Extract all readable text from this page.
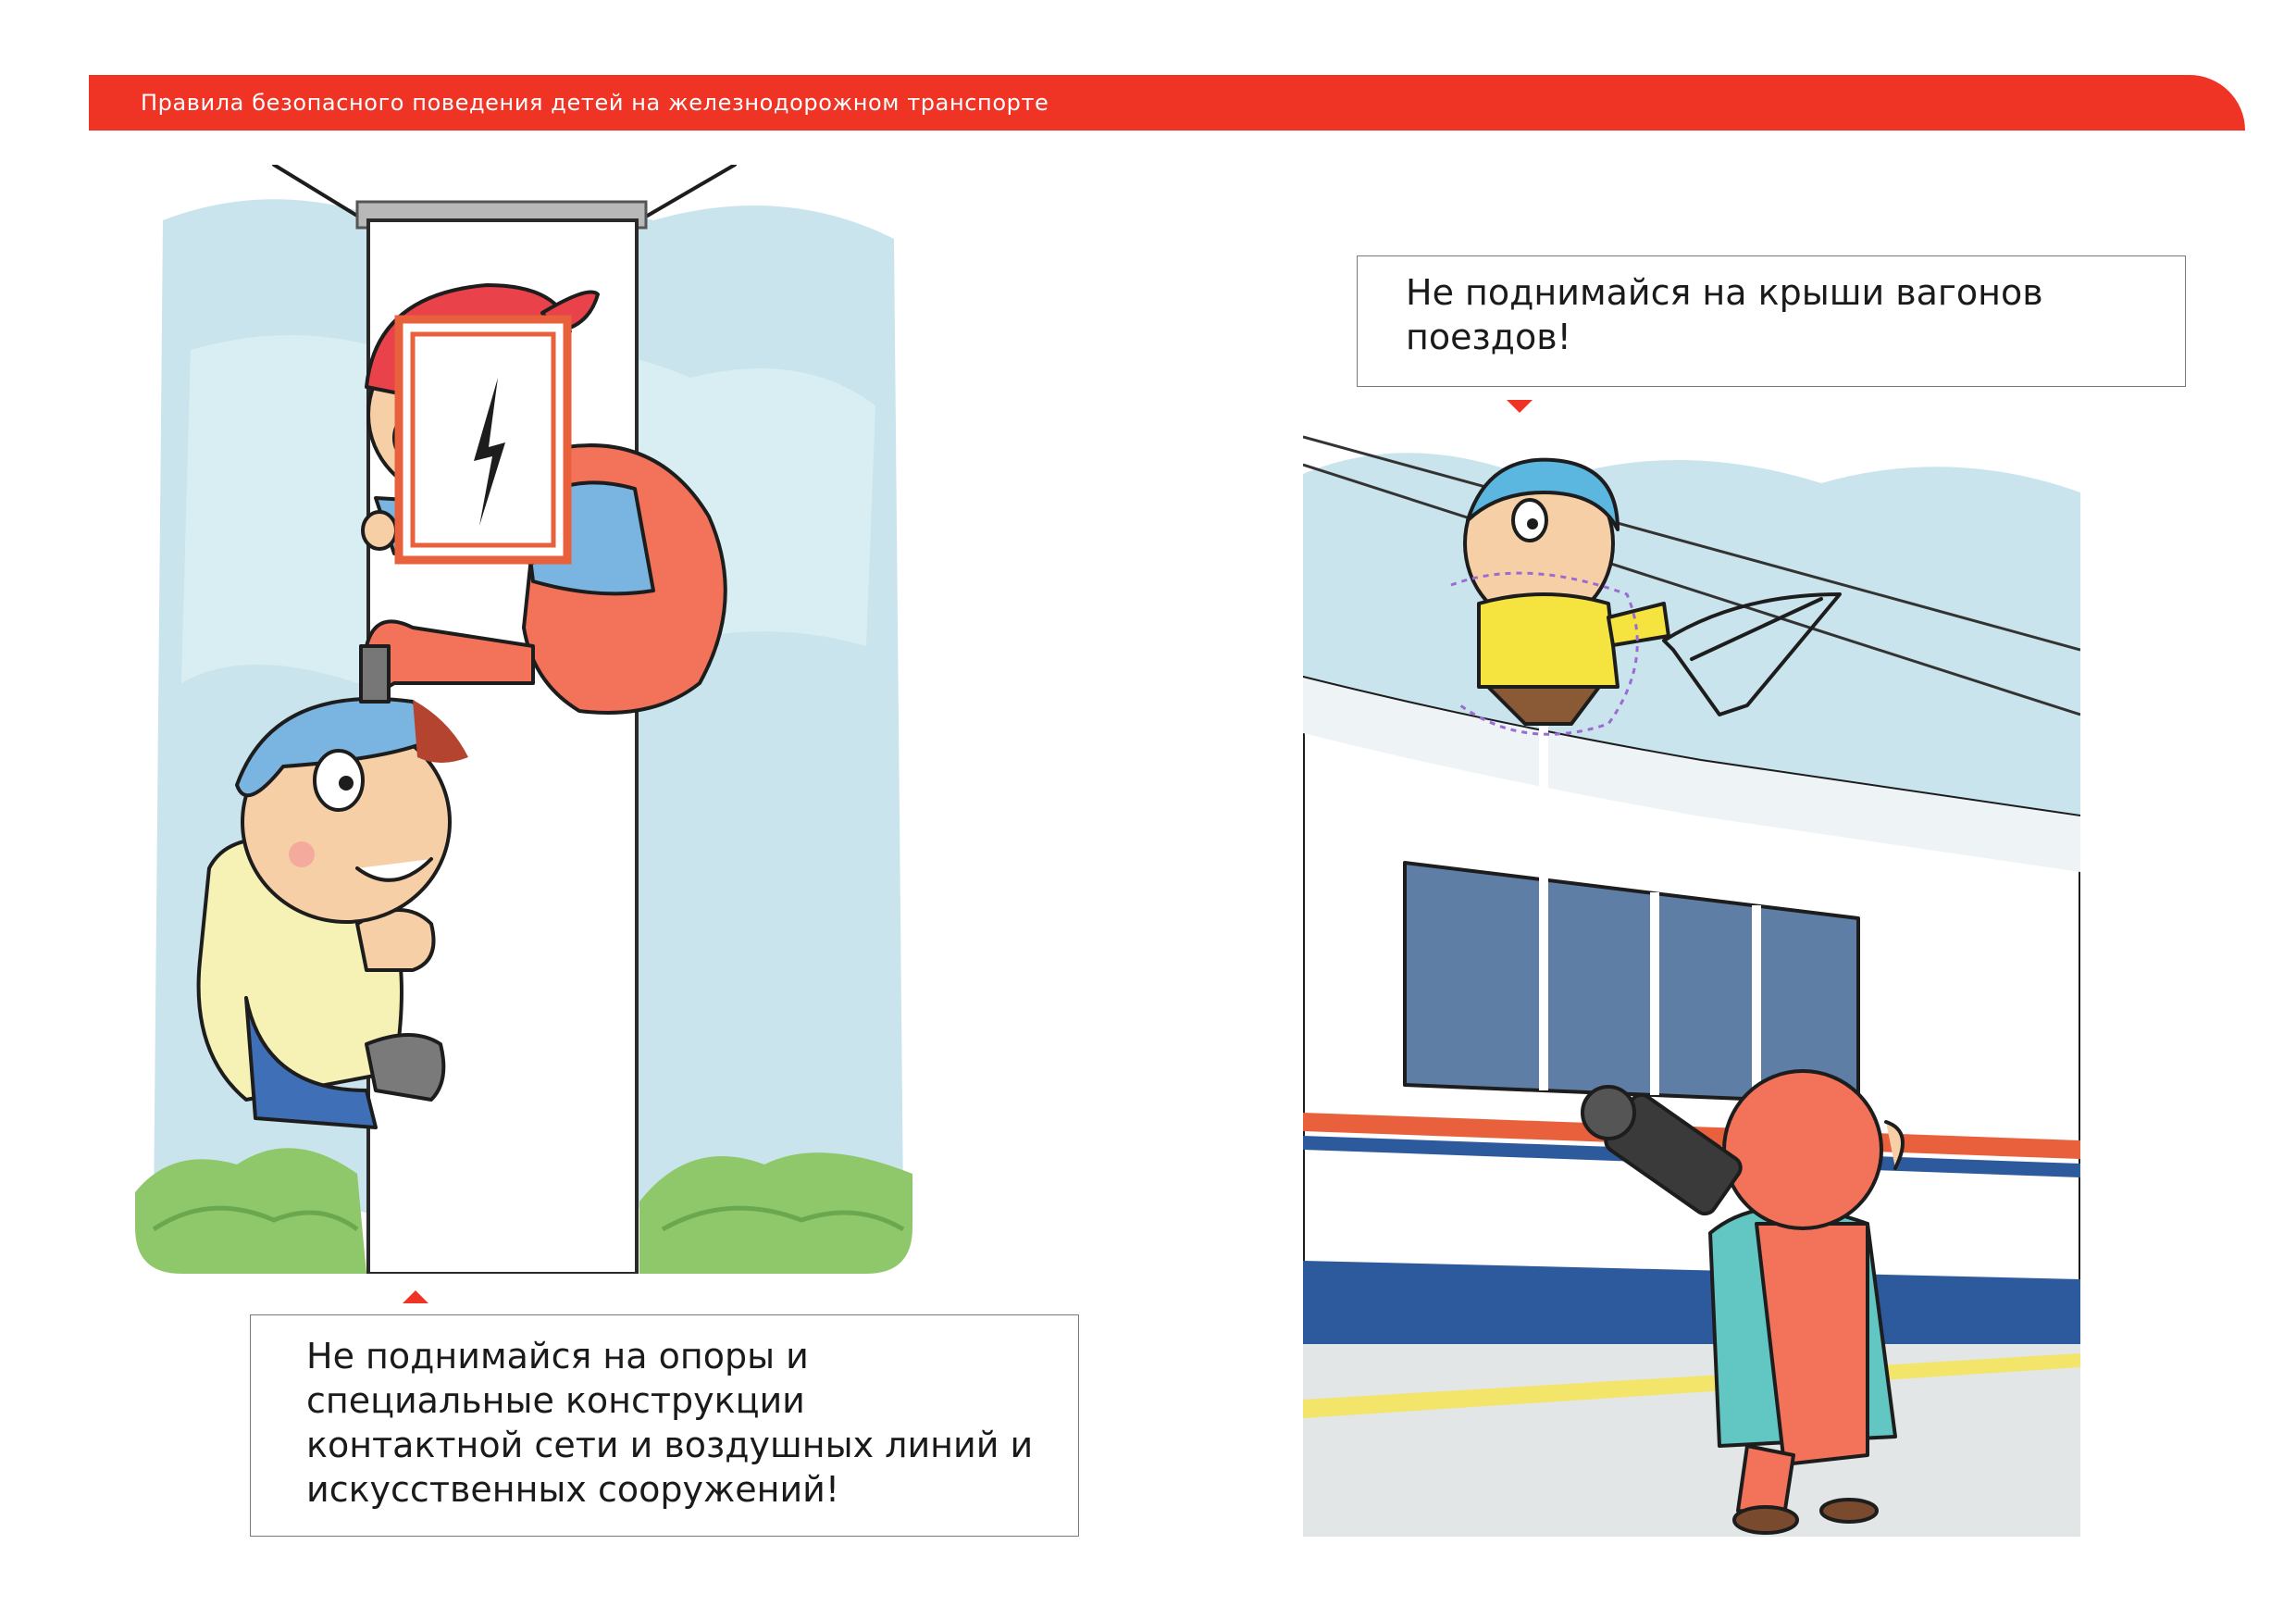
Правила безопасного поведения детей на железнодорожном транспорте
Не поднимайся на опоры и
специальные конструкции
контактной сети и воздушных линий и
искусственных сооружений!
Не поднимайся на крыши вагонов
поездов!
